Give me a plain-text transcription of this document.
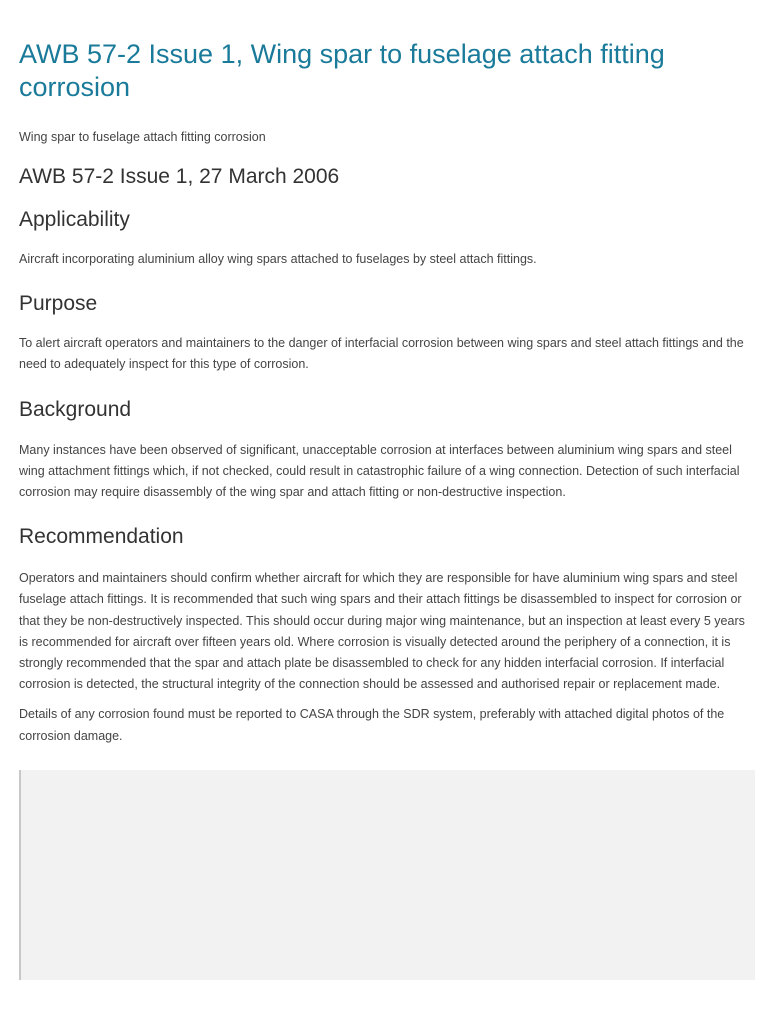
AWB 57-2 Issue 1, Wing spar to fuselage attach fitting corrosion

Wing spar to fuselage attach fitting corrosion

AWB 57-2 Issue 1, 27 March 2006
Applicability

Aircraft incorporating aluminium alloy wing spars attached to fuselages by steel attach fittings.

Purpose

To alert aircraft operators and maintainers to the danger of interfacial corrosion between wing spars and steel attach fittings and the need to adequately inspect for this type of corrosion.

Background

Many instances have been observed of significant, unacceptable corrosion at interfaces between aluminium wing spars and steel wing attachment fittings which, if not checked, could result in catastrophic failure of a wing connection. Detection of such interfacial corrosion may require disassembly of the wing spar and attach fitting or non-destructive inspection.

Recommendation

Operators and maintainers should confirm whether aircraft for which they are responsible for have aluminium wing spars and steel fuselage attach fittings. It is recommended that such wing spars and their attach fittings be disassembled to inspect for corrosion or that they be non-destructively inspected. This should occur during major wing maintenance, but an inspection at least every 5 years is recommended for aircraft over fifteen years old. Where corrosion is visually detected around the periphery of a connection, it is strongly recommended that the spar and attach plate be disassembled to check for any hidden interfacial corrosion. If interfacial corrosion is detected, the structural integrity of the connection should be assessed and authorised repair or replacement made.

Details of any corrosion found must be reported to CASA through the SDR system, preferably with attached digital photos of the corrosion damage.
